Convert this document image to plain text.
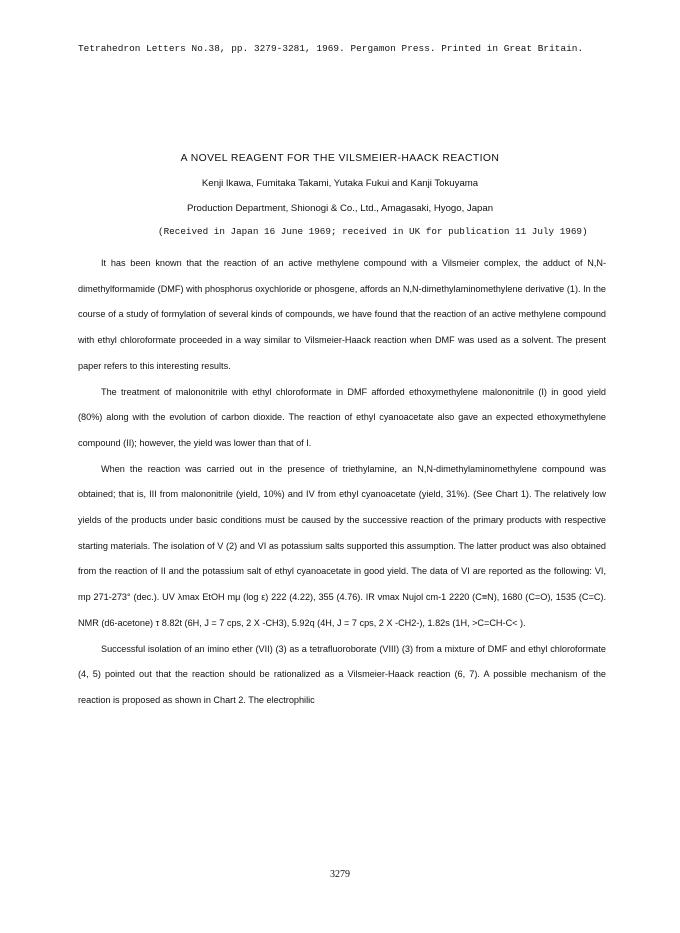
Tetrahedron Letters No.38, pp. 3279-3281, 1969. Pergamon Press. Printed in Great Britain.
A NOVEL REAGENT FOR THE VILSMEIER-HAACK REACTION
Kenji Ikawa, Fumitaka Takami, Yutaka Fukui and Kanji Tokuyama
Production Department, Shionogi & Co., Ltd., Amagasaki, Hyogo, Japan
(Received in Japan 16 June 1969; received in UK for publication 11 July 1969)

It has been known that the reaction of an active methylene compound with a Vilsmeier complex, the adduct of N,N-dimethylformamide (DMF) with phosphorus oxychloride or phosgene, affords an N,N-dimethylaminomethylene derivative (1). In the course of a study of formylation of several kinds of compounds, we have found that the reaction of an active methylene compound with ethyl chloroformate proceeded in a way similar to Vilsmeier-Haack reaction when DMF was used as a solvent. The present paper refers to this interesting results.

The treatment of malononitrile with ethyl chloroformate in DMF afforded ethoxymethylene malononitrile (I) in good yield (80%) along with the evolution of carbon dioxide. The reaction of ethyl cyanoacetate also gave an expected ethoxymethylene compound (II); however, the yield was lower than that of I.

When the reaction was carried out in the presence of triethylamine, an N,N-dimethylaminomethylene compound was obtained; that is, III from malononitrile (yield, 10%) and IV from ethyl cyanoacetate (yield, 31%). (See Chart 1). The relatively low yields of the products under basic conditions must be caused by the successive reaction of the primary products with respective starting materials. The isolation of V (2) and VI as potassium salts supported this assumption. The latter product was also obtained from the reaction of II and the potassium salt of ethyl cyanoacetate in good yield. The data of VI are reported as the following: VI, mp 271-273° (dec.). UV λmax EtOH mμ (log ε) 222 (4.22), 355 (4.76). IR νmax Nujol cm-1 2220 (C≡N), 1680 (C=O), 1535 (C=C). NMR (d6-acetone) τ 8.82t (6H, J = 7 cps, 2 X -CH3), 5.92q (4H, J = 7 cps, 2 X -CH2-), 1.82s (1H, >C=CH-C< ).

Successful isolation of an imino ether (VII) (3) as a tetrafluoroborate (VIII) (3) from a mixture of DMF and ethyl chloroformate (4, 5) pointed out that the reaction should be rationalized as a Vilsmeier-Haack reaction (6, 7). A possible mechanism of the reaction is proposed as shown in Chart 2. The electrophilic

3279
